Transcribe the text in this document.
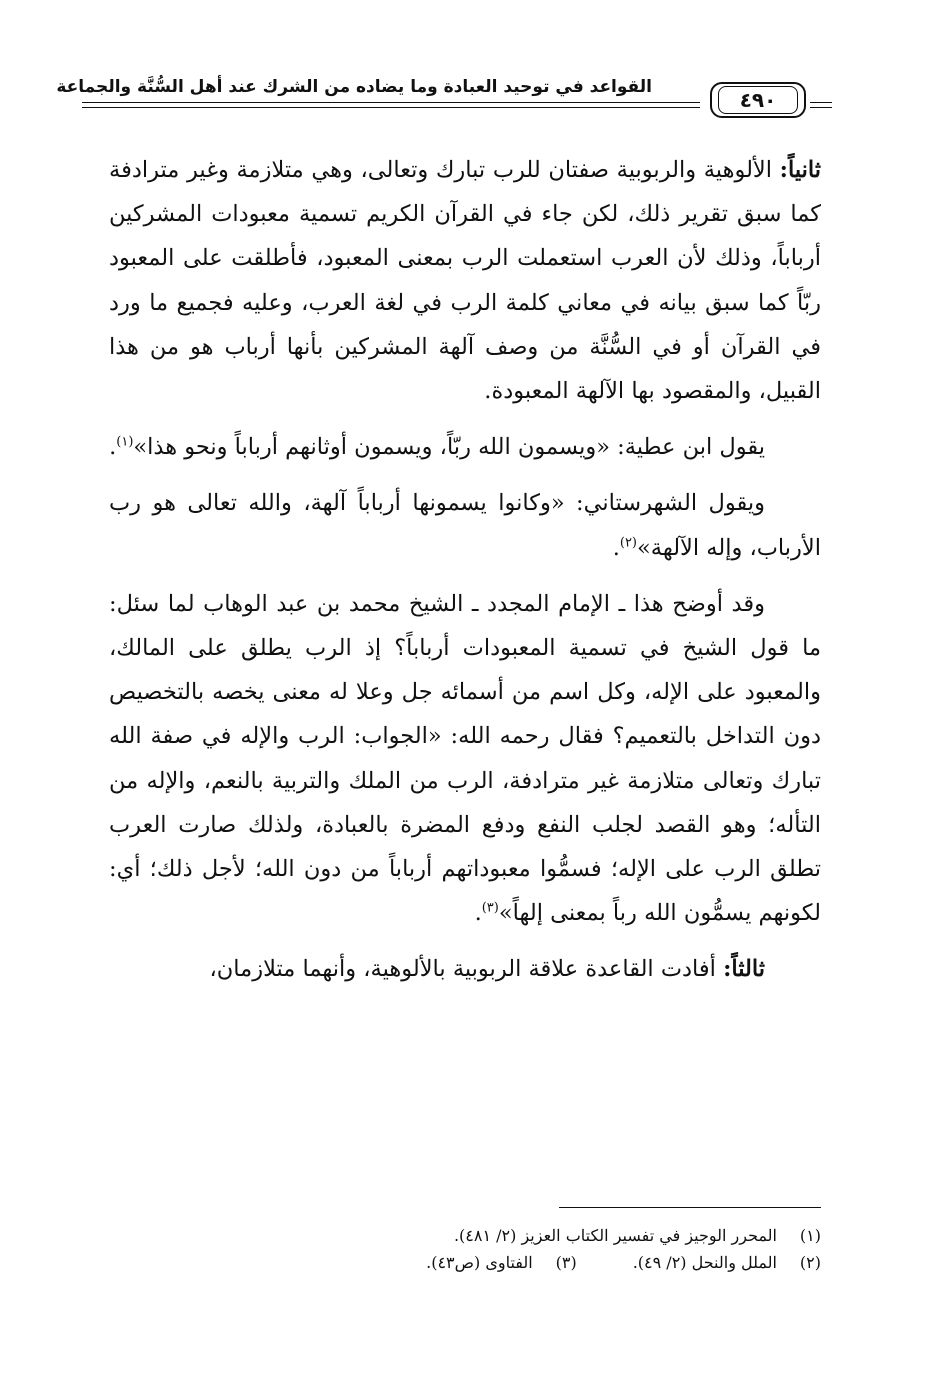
القواعد في توحيد العبادة وما يضاده من الشرك عند أهل السُّنَّة والجماعة
٤٩٠

ثانياً: الألوهية والربوبية صفتان للرب تبارك وتعالى، وهي متلازمة وغير مترادفة كما سبق تقرير ذلك، لكن جاء في القرآن الكريم تسمية معبودات المشركين أرباباً، وذلك لأن العرب استعملت الرب بمعنى المعبود، فأطلقت على المعبود ربّاً كما سبق بيانه في معاني كلمة الرب في لغة العرب، وعليه فجميع ما ورد في القرآن أو في السُّنَّة من وصف آلهة المشركين بأنها أرباب هو من هذا القبيل، والمقصود بها الآلهة المعبودة.

يقول ابن عطية: «ويسمون الله ربّاً، ويسمون أوثانهم أرباباً ونحو هذا»$^{(١)}$.

ويقول الشهرستاني: «وكانوا يسمونها أرباباً آلهة، والله تعالى هو رب الأرباب، وإله الآلهة»$^{(٢)}$.

وقد أوضح هذا ـ الإمام المجدد ـ الشيخ محمد بن عبد الوهاب لما سئل: ما قول الشيخ في تسمية المعبودات أرباباً؟ إذ الرب يطلق على المالك، والمعبود على الإله، وكل اسم من أسمائه جل وعلا له معنى يخصه بالتخصيص دون التداخل بالتعميم؟ فقال رحمه الله: «الجواب: الرب والإله في صفة الله تبارك وتعالى متلازمة غير مترادفة، الرب من الملك والتربية بالنعم، والإله من التأله؛ وهو القصد لجلب النفع ودفع المضرة بالعبادة، ولذلك صارت العرب تطلق الرب على الإله؛ فسمُّوا معبوداتهم أرباباً من دون الله؛ لأجل ذلك؛ أي: لكونهم يسمُّون الله رباً بمعنى إلهاً»$^{(٣)}$.

ثالثاً: أفادت القاعدة علاقة الربوبية بالألوهية، وأنهما متلازمان،

(١)
المحرر الوجيز في تفسير الكتاب العزيز (٢/ ٤٨١).
(٢)
الملل والنحل (٢/ ٤٩).
(٣)
الفتاوى (ص٤٣).
